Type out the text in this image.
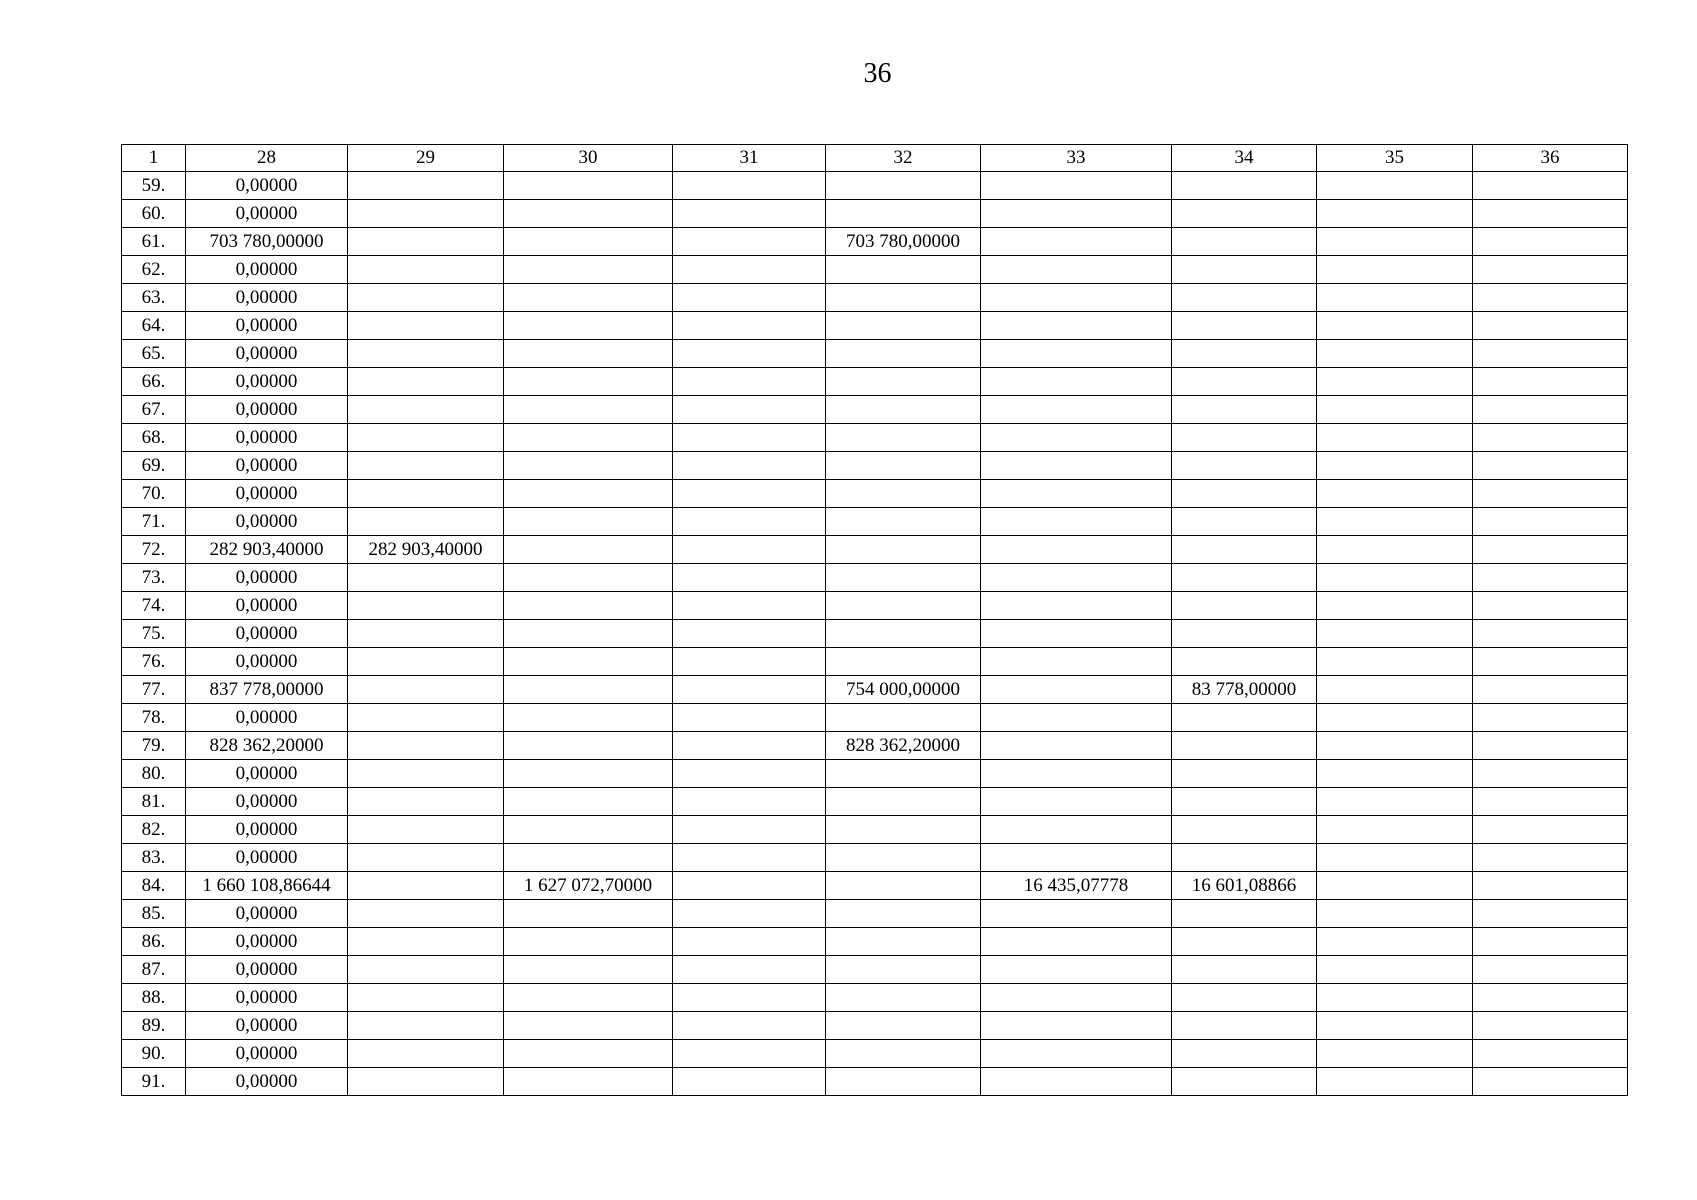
36
1	28	29	30	31	32	33	34	35	36
59.	0,00000								
60.	0,00000								
61.	703 780,00000				703 780,00000				
62.	0,00000								
63.	0,00000								
64.	0,00000								
65.	0,00000								
66.	0,00000								
67.	0,00000								
68.	0,00000								
69.	0,00000								
70.	0,00000								
71.	0,00000								
72.	282 903,40000	282 903,40000							
73.	0,00000								
74.	0,00000								
75.	0,00000								
76.	0,00000								
77.	837 778,00000				754 000,00000		83 778,00000		
78.	0,00000								
79.	828 362,20000				828 362,20000				
80.	0,00000								
81.	0,00000								
82.	0,00000								
83.	0,00000								
84.	1 660 108,86644		1 627 072,70000			16 435,07778	16 601,08866		
85.	0,00000								
86.	0,00000								
87.	0,00000								
88.	0,00000								
89.	0,00000								
90.	0,00000								
91.	0,00000								
